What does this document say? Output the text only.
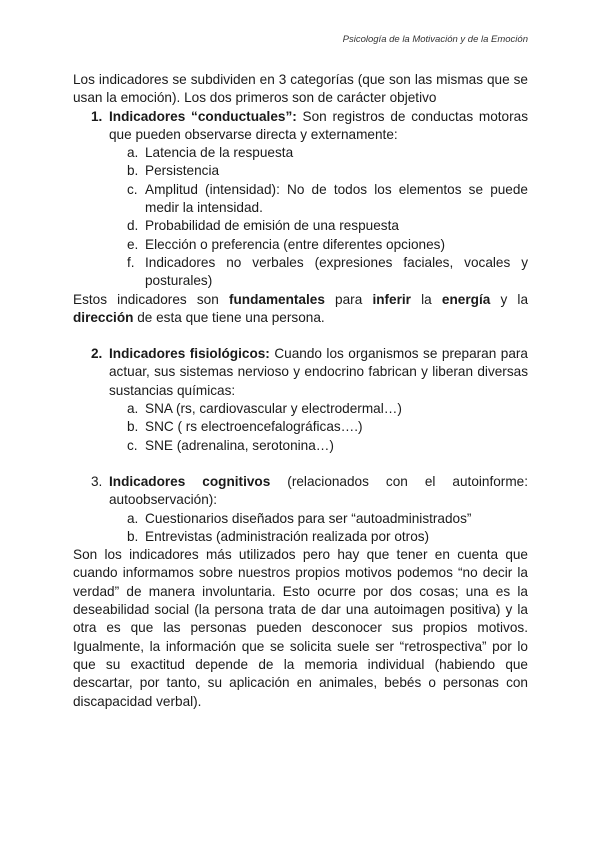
Psicología de la Motivación y de la Emoción

Los indicadores se subdividen en 3 categorías (que son las mismas que se usan la emoción). Los dos primeros son de carácter objetivo

1. Indicadores “conductuales”: Son registros de conductas motoras que pueden observarse directa y externamente:

a. Latencia de la respuesta
b. Persistencia
c. Amplitud (intensidad): No de todos los elementos se puede medir la intensidad.
d. Probabilidad de emisión de una respuesta
e. Elección o preferencia (entre diferentes opciones)
f. Indicadores no verbales (expresiones faciales, vocales y posturales)

Estos indicadores son fundamentales para inferir la energía y la dirección de esta que tiene una persona.

2. Indicadores fisiológicos: Cuando los organismos se preparan para actuar, sus sistemas nervioso y endocrino fabrican y liberan diversas sustancias químicas:

a. SNA (rs, cardiovascular y electrodermal…)
b. SNC ( rs electroencefalográficas….)
c. SNE (adrenalina, serotonina…)
3. Indicadores cognitivos (relacionados con el autoinforme: autoobservación):

a. Cuestionarios diseñados para ser “autoadministrados”
b. Entrevistas (administración realizada por otros)

Son los indicadores más utilizados pero hay que tener en cuenta que cuando informamos sobre nuestros propios motivos podemos “no decir la verdad” de manera involuntaria. Esto ocurre por dos cosas; una es la deseabilidad social (la persona trata de dar una autoimagen positiva) y la otra es que las personas pueden desconocer sus propios motivos. Igualmente, la información que se solicita suele ser “retrospectiva” por lo que su exactitud depende de la memoria individual (habiendo que descartar, por tanto, su aplicación en animales, bebés o personas con discapacidad verbal).
